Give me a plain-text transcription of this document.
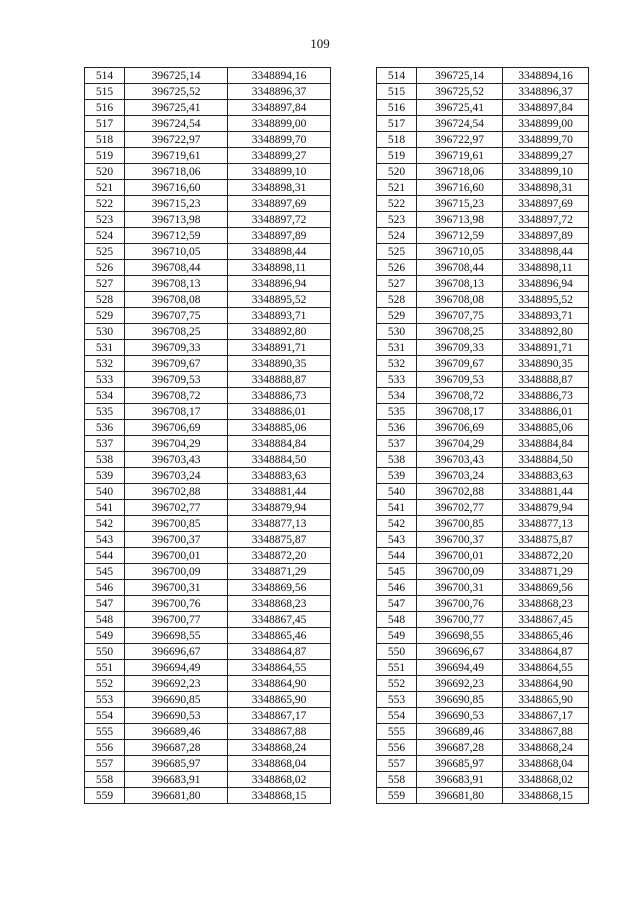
109
514	396725,14	3348894,16
515	396725,52	3348896,37
516	396725,41	3348897,84
517	396724,54	3348899,00
518	396722,97	3348899,70
519	396719,61	3348899,27
520	396718,06	3348899,10
521	396716,60	3348898,31
522	396715,23	3348897,69
523	396713,98	3348897,72
524	396712,59	3348897,89
525	396710,05	3348898,44
526	396708,44	3348898,11
527	396708,13	3348896,94
528	396708,08	3348895,52
529	396707,75	3348893,71
530	396708,25	3348892,80
531	396709,33	3348891,71
532	396709,67	3348890,35
533	396709,53	3348888,87
534	396708,72	3348886,73
535	396708,17	3348886,01
536	396706,69	3348885,06
537	396704,29	3348884,84
538	396703,43	3348884,50
539	396703,24	3348883,63
540	396702,88	3348881,44
541	396702,77	3348879,94
542	396700,85	3348877,13
543	396700,37	3348875,87
544	396700,01	3348872,20
545	396700,09	3348871,29
546	396700,31	3348869,56
547	396700,76	3348868,23
548	396700,77	3348867,45
549	396698,55	3348865,46
550	396696,67	3348864,87
551	396694,49	3348864,55
552	396692,23	3348864,90
553	396690,85	3348865,90
554	396690,53	3348867,17
555	396689,46	3348867,88
556	396687,28	3348868,24
557	396685,97	3348868,04
558	396683,91	3348868,02
559	396681,80	3348868,15
514	396725,14	3348894,16
515	396725,52	3348896,37
516	396725,41	3348897,84
517	396724,54	3348899,00
518	396722,97	3348899,70
519	396719,61	3348899,27
520	396718,06	3348899,10
521	396716,60	3348898,31
522	396715,23	3348897,69
523	396713,98	3348897,72
524	396712,59	3348897,89
525	396710,05	3348898,44
526	396708,44	3348898,11
527	396708,13	3348896,94
528	396708,08	3348895,52
529	396707,75	3348893,71
530	396708,25	3348892,80
531	396709,33	3348891,71
532	396709,67	3348890,35
533	396709,53	3348888,87
534	396708,72	3348886,73
535	396708,17	3348886,01
536	396706,69	3348885,06
537	396704,29	3348884,84
538	396703,43	3348884,50
539	396703,24	3348883,63
540	396702,88	3348881,44
541	396702,77	3348879,94
542	396700,85	3348877,13
543	396700,37	3348875,87
544	396700,01	3348872,20
545	396700,09	3348871,29
546	396700,31	3348869,56
547	396700,76	3348868,23
548	396700,77	3348867,45
549	396698,55	3348865,46
550	396696,67	3348864,87
551	396694,49	3348864,55
552	396692,23	3348864,90
553	396690,85	3348865,90
554	396690,53	3348867,17
555	396689,46	3348867,88
556	396687,28	3348868,24
557	396685,97	3348868,04
558	396683,91	3348868,02
559	396681,80	3348868,15
